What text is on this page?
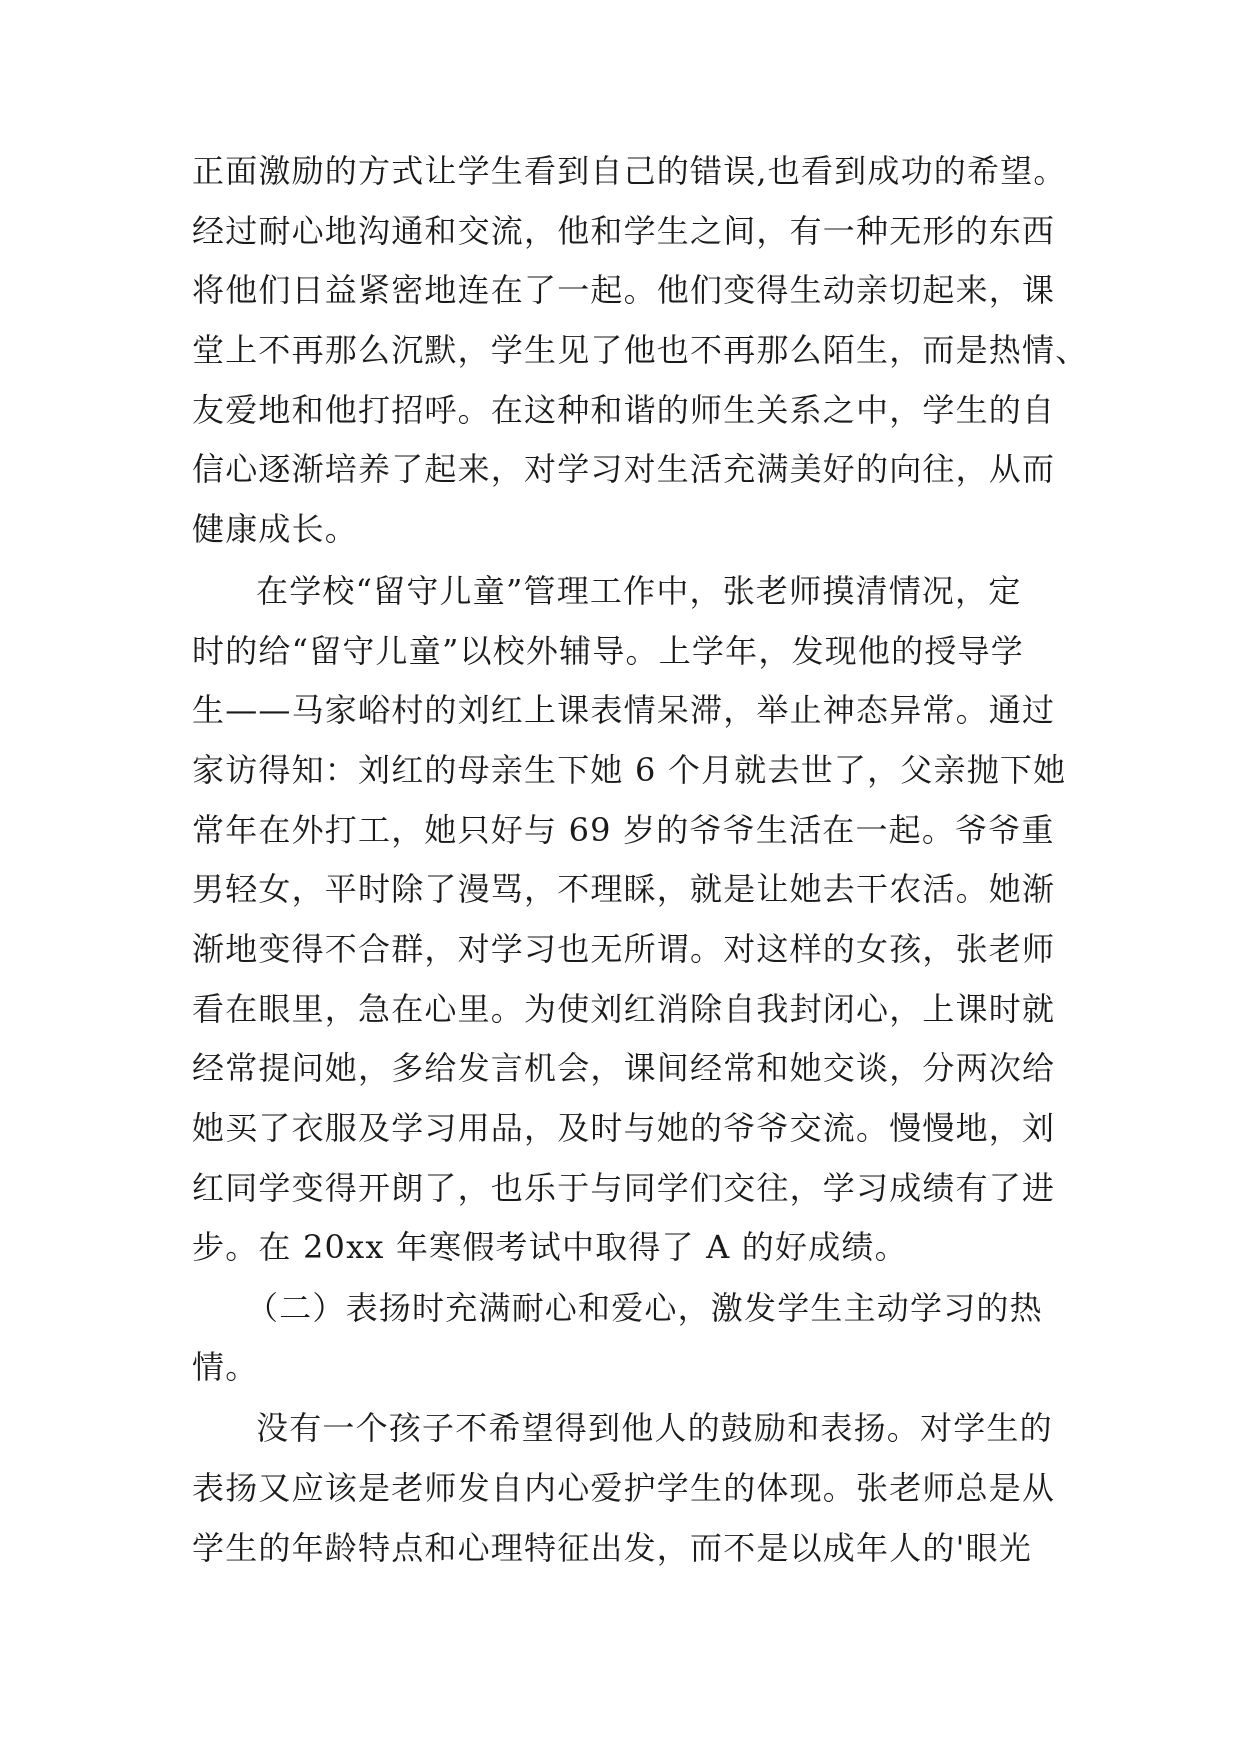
正面激励的方式让学生看到自己的错误,也看到成功的希望。
经过耐心地沟通和交流，他和学生之间，有一种无形的东西
将他们日益紧密地连在了一起。他们变得生动亲切起来，课
堂上不再那么沉默，学生见了他也不再那么陌生，而是热情、
友爱地和他打招呼。在这种和谐的师生关系之中，学生的自
信心逐渐培养了起来，对学习对生活充满美好的向往，从而
健康成长。
在学校“留守儿童”管理工作中，张老师摸清情况，定
时的给“留守儿童”以校外辅导。上学年，发现他的授导学
生——马家峪村的刘红上课表情呆滞，举止神态异常。通过
家访得知：刘红的母亲生下她 6 个月就去世了，父亲抛下她
常年在外打工，她只好与 69 岁的爷爷生活在一起。爷爷重
男轻女，平时除了漫骂，不理睬，就是让她去干农活。她渐
渐地变得不合群，对学习也无所谓。对这样的女孩，张老师
看在眼里，急在心里。为使刘红消除自我封闭心，上课时就
经常提问她，多给发言机会，课间经常和她交谈，分两次给
她买了衣服及学习用品，及时与她的爷爷交流。慢慢地，刘
红同学变得开朗了，也乐于与同学们交往，学习成绩有了进
步。在 20xx 年寒假考试中取得了 A 的好成绩。
（二）表扬时充满耐心和爱心，激发学生主动学习的热
情。
没有一个孩子不希望得到他人的鼓励和表扬。对学生的
表扬又应该是老师发自内心爱护学生的体现。张老师总是从
学生的年龄特点和心理特征出发，而不是以成年人的'眼光
